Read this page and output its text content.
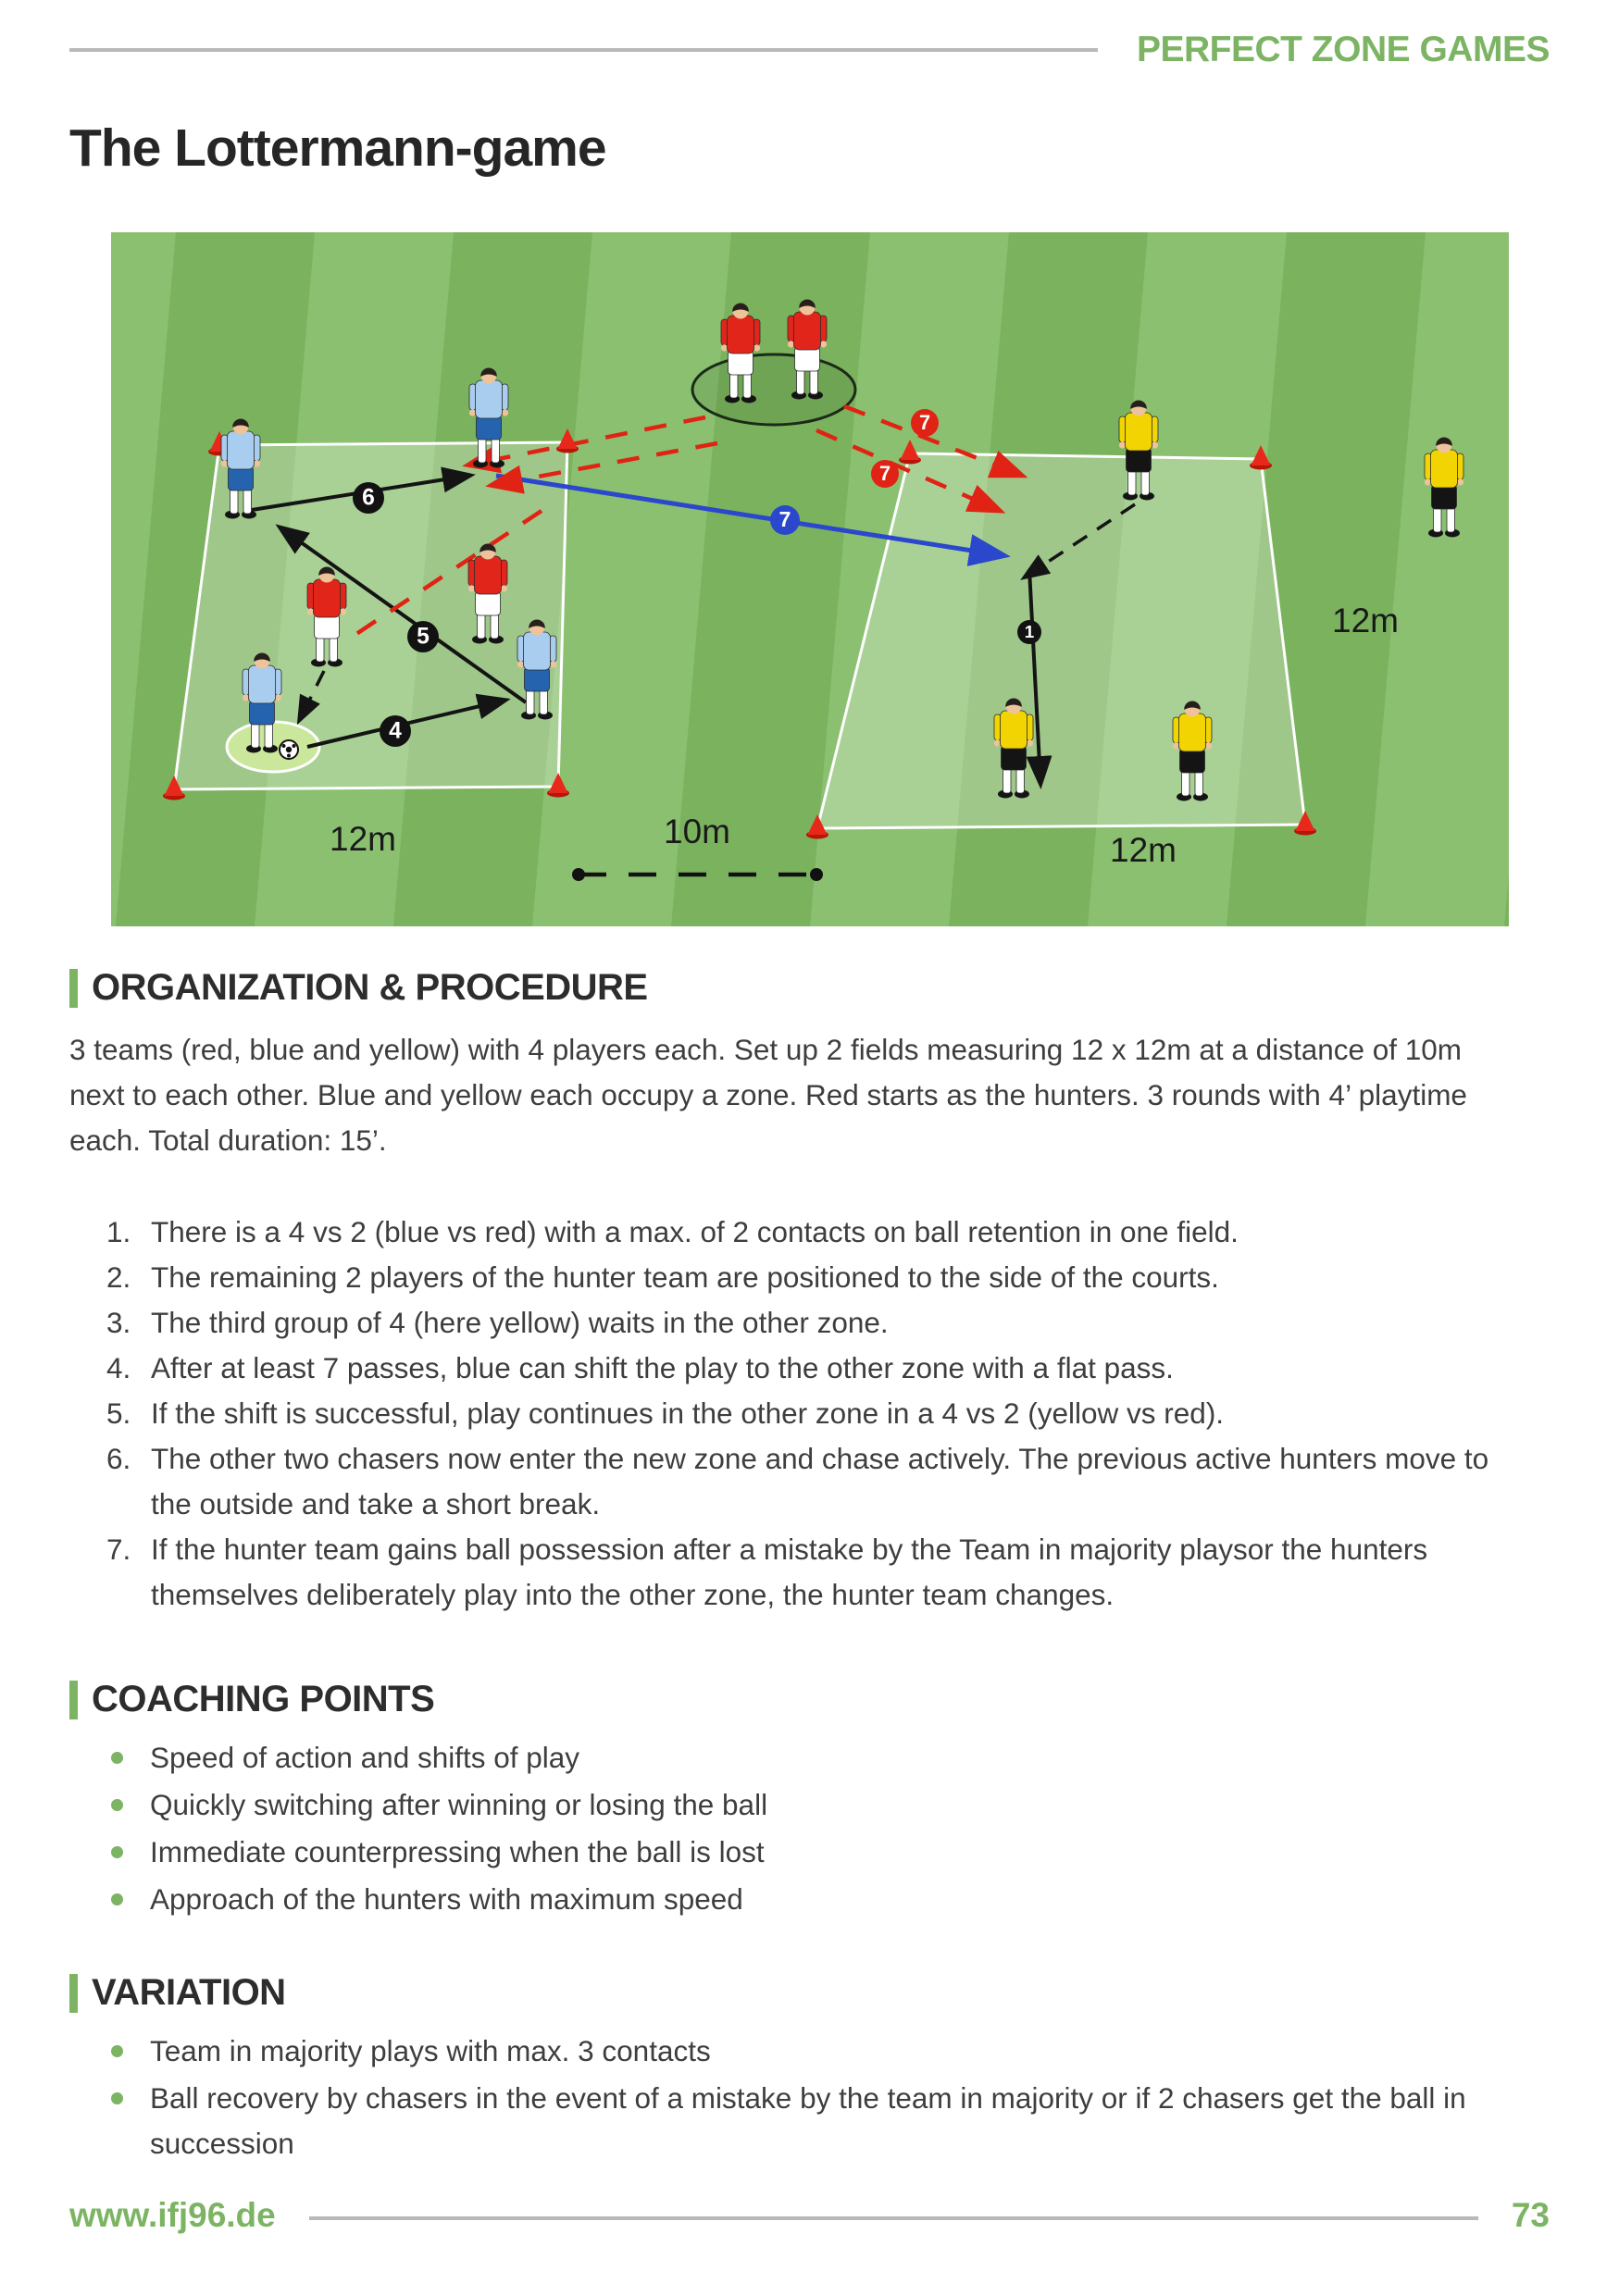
PERFECT ZONE GAMES
The Lottermann-game
4
5
6
7
1
7
7
12m	10m	12m
12m
ORGANIZATION & PROCEDURE

3 teams (red, blue and yellow) with 4 players each. Set up 2 fields measuring 12 x 12m at a distance of 10m next to each other. Blue and yellow each occupy a zone. Red starts as the hunters. 3 rounds with 4’ playtime each. Total duration: 15’.

1. There is a 4 vs 2 (blue vs red) with a max. of 2 contacts on ball retention in one field.
2. The remaining 2 players of the hunter team are positioned to the side of the courts.
3. The third group of 4 (here yellow) waits in the other zone.
4. After at least 7 passes, blue can shift the play to the other zone with a flat pass.
5. If the shift is successful, play continues in the other zone in a 4 vs 2 (yellow vs red).
6. The other two chasers now enter the new zone and chase actively. The previous active hunters move to the outside and take a short break.
7. If the hunter team gains ball possession after a mistake by the Team in majority playsor the hunters themselves deliberately play into the other zone, the hunter team changes.
COACHING POINTS
Speed of action and shifts of play
Quickly switching after winning or losing the ball
Immediate counterpressing when the ball is lost
Approach of the hunters with maximum speed
VARIATION
Team in majority plays with max. 3 contacts
Ball recovery by chasers in the event of a mistake by the team in majority or if 2 chasers get the ball in succession
www.ifj96.de	73
